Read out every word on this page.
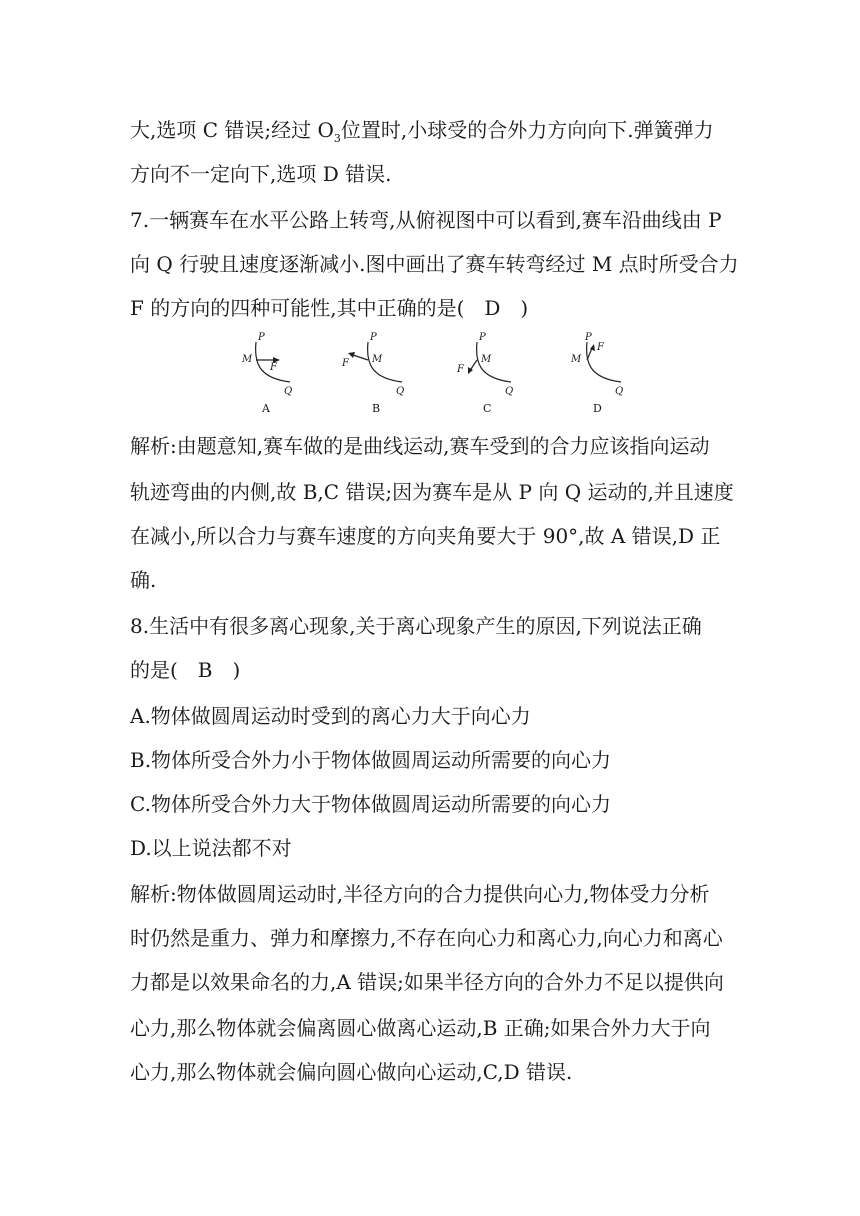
大,选项 C 错误;经过 $O_3$位置时,小球受的合外力方向向下.弹簧弹力
方向不一定向下,选项 D 错误.
7.一辆赛车在水平公路上转弯,从俯视图中可以看到,赛车沿曲线由 P
向 Q 行驶且速度逐渐减小.图中画出了赛车转弯经过 M 点时所受合力
F 的方向的四种可能性,其中正确的是( D )
P
M
F
Q
A
P
M
F
Q
B
P
M
F
Q
C
P
M
F
Q
D
解析:由题意知,赛车做的是曲线运动,赛车受到的合力应该指向运动
轨迹弯曲的内侧,故 B,C 错误;因为赛车是从 P 向 Q 运动的,并且速度
在减小,所以合力与赛车速度的方向夹角要大于 90°,故 A 错误,D 正
确.
8.生活中有很多离心现象,关于离心现象产生的原因,下列说法正确
的是( B )
A.物体做圆周运动时受到的离心力大于向心力
B.物体所受合外力小于物体做圆周运动所需要的向心力
C.物体所受合外力大于物体做圆周运动所需要的向心力
D.以上说法都不对
解析:物体做圆周运动时,半径方向的合力提供向心力,物体受力分析
时仍然是重力、弹力和摩擦力,不存在向心力和离心力,向心力和离心
力都是以效果命名的力,A 错误;如果半径方向的合外力不足以提供向
心力,那么物体就会偏离圆心做离心运动,B 正确;如果合外力大于向
心力,那么物体就会偏向圆心做向心运动,C,D 错误.
